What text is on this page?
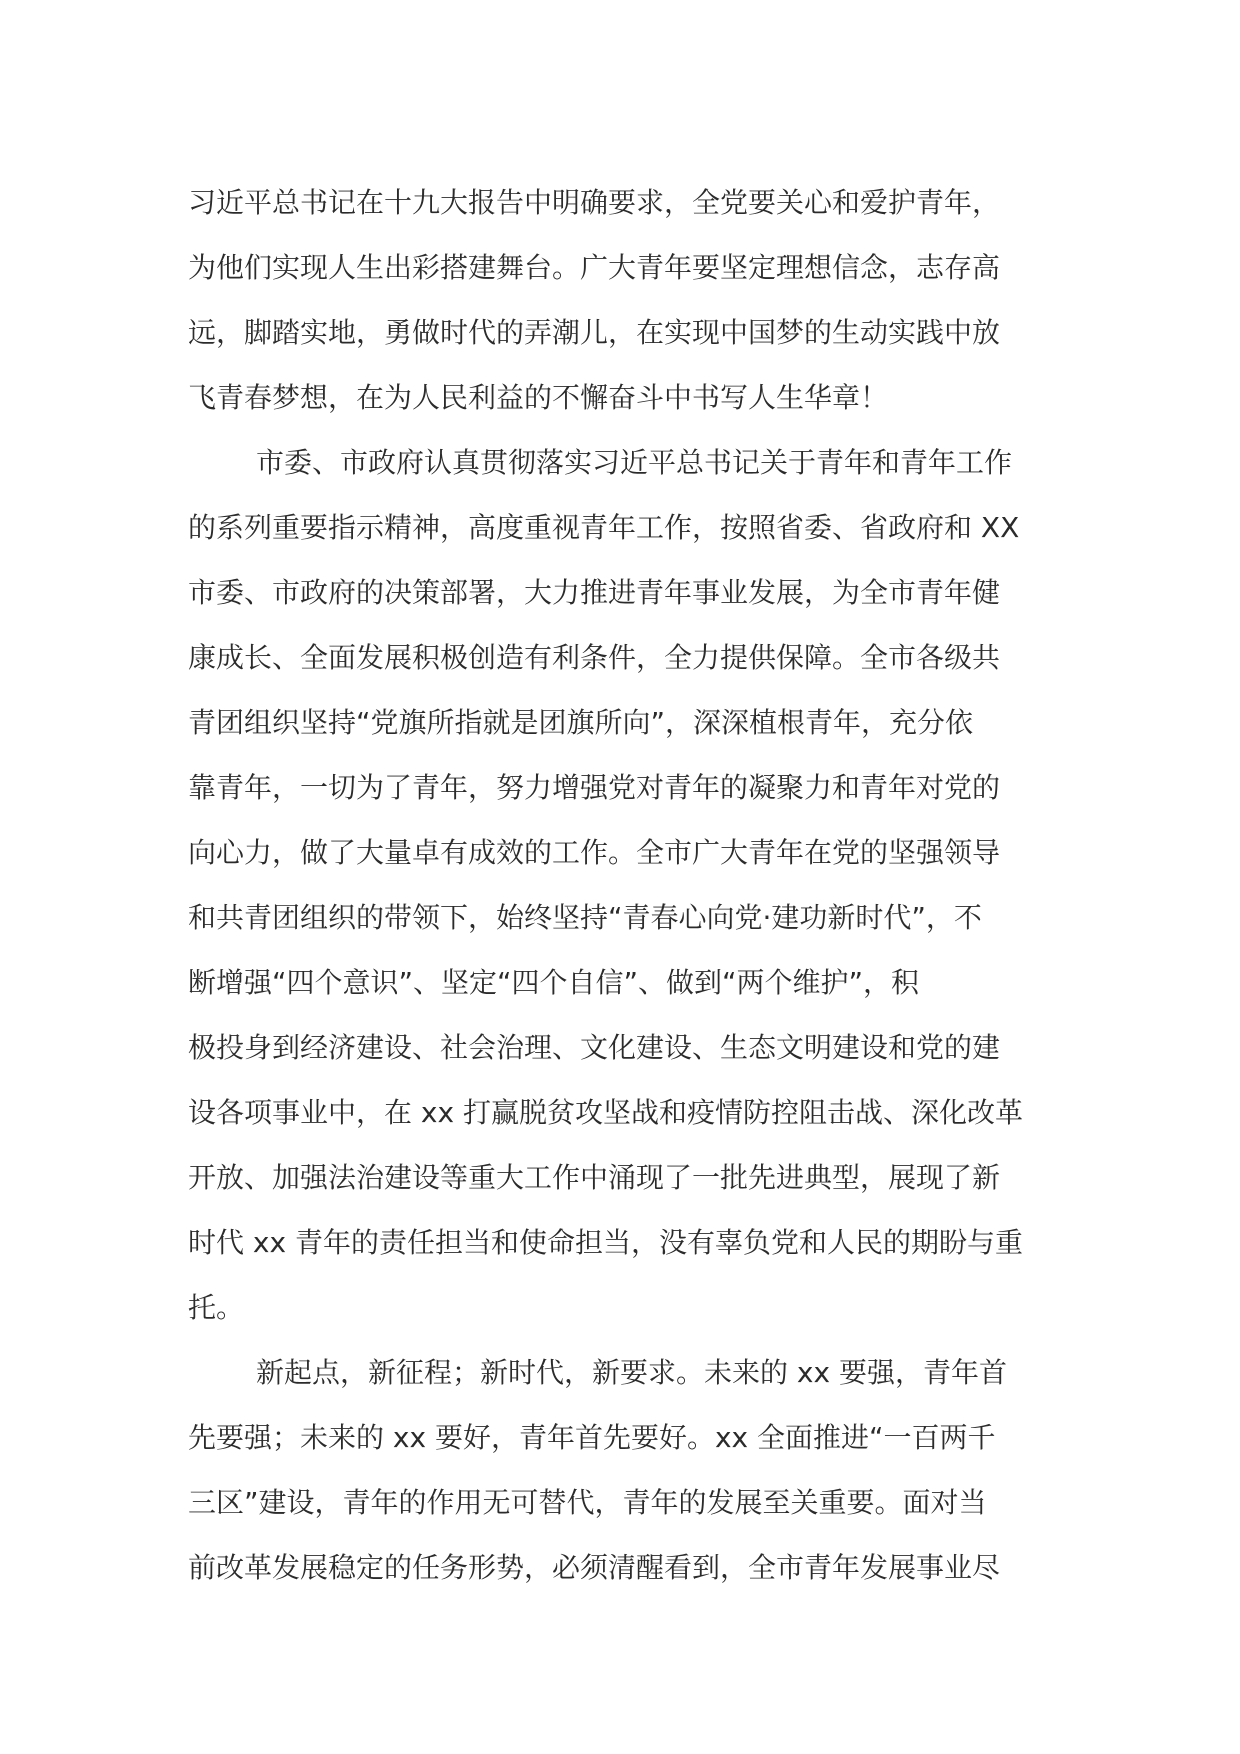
习近平总书记在十九大报告中明确要求，全党要关心和爱护青年，
为他们实现人生出彩搭建舞台。广大青年要坚定理想信念，志存高
远，脚踏实地，勇做时代的弄潮儿，在实现中国梦的生动实践中放
飞青春梦想，在为人民利益的不懈奋斗中书写人生华章！
市委、市政府认真贯彻落实习近平总书记关于青年和青年工作
的系列重要指示精神，高度重视青年工作，按照省委、省政府和 XX
市委、市政府的决策部署，大力推进青年事业发展，为全市青年健
康成长、全面发展积极创造有利条件，全力提供保障。全市各级共
青团组织坚持“党旗所指就是团旗所向”，深深植根青年，充分依
靠青年，一切为了青年，努力增强党对青年的凝聚力和青年对党的
向心力，做了大量卓有成效的工作。全市广大青年在党的坚强领导
和共青团组织的带领下，始终坚持“青春心向党·建功新时代”，不
断增强“四个意识”、坚定“四个自信”、做到“两个维护”，积
极投身到经济建设、社会治理、文化建设、生态文明建设和党的建
设各项事业中，在 xx 打赢脱贫攻坚战和疫情防控阻击战、深化改革
开放、加强法治建设等重大工作中涌现了一批先进典型，展现了新
时代 xx 青年的责任担当和使命担当，没有辜负党和人民的期盼与重
托。
新起点，新征程；新时代，新要求。未来的 xx 要强，青年首
先要强；未来的 xx 要好，青年首先要好。xx 全面推进“一百两千
三区”建设，青年的作用无可替代，青年的发展至关重要。面对当
前改革发展稳定的任务形势，必须清醒看到，全市青年发展事业尽
